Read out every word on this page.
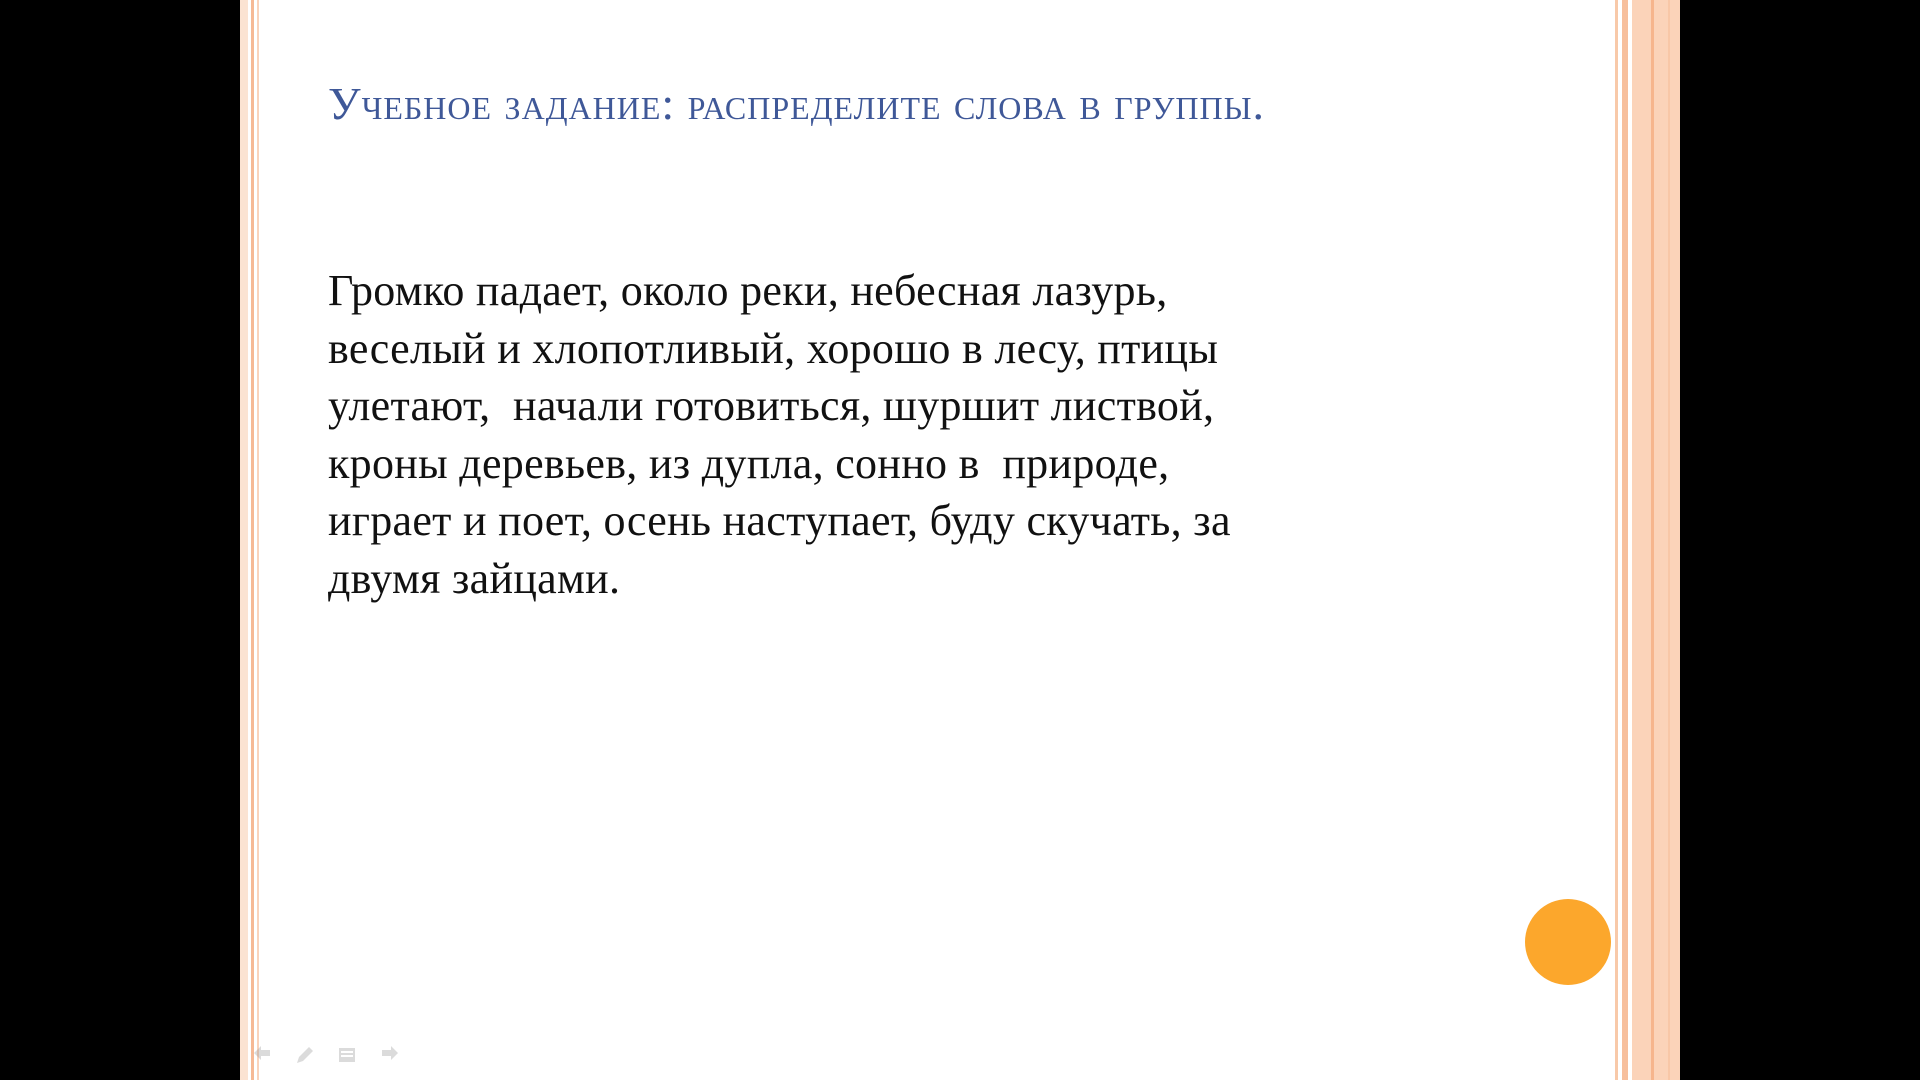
Учебное задание: распределите слова в группы.

Громко падает, около реки, небесная лазурь,
веселый и хлопотливый, хорошо в лесу, птицы
улетают,  начали готовиться, шуршит листвой,
кроны деревьев, из дупла, сонно в  природе,
играет и поет, осень наступает, буду скучать, за
двумя зайцами.
